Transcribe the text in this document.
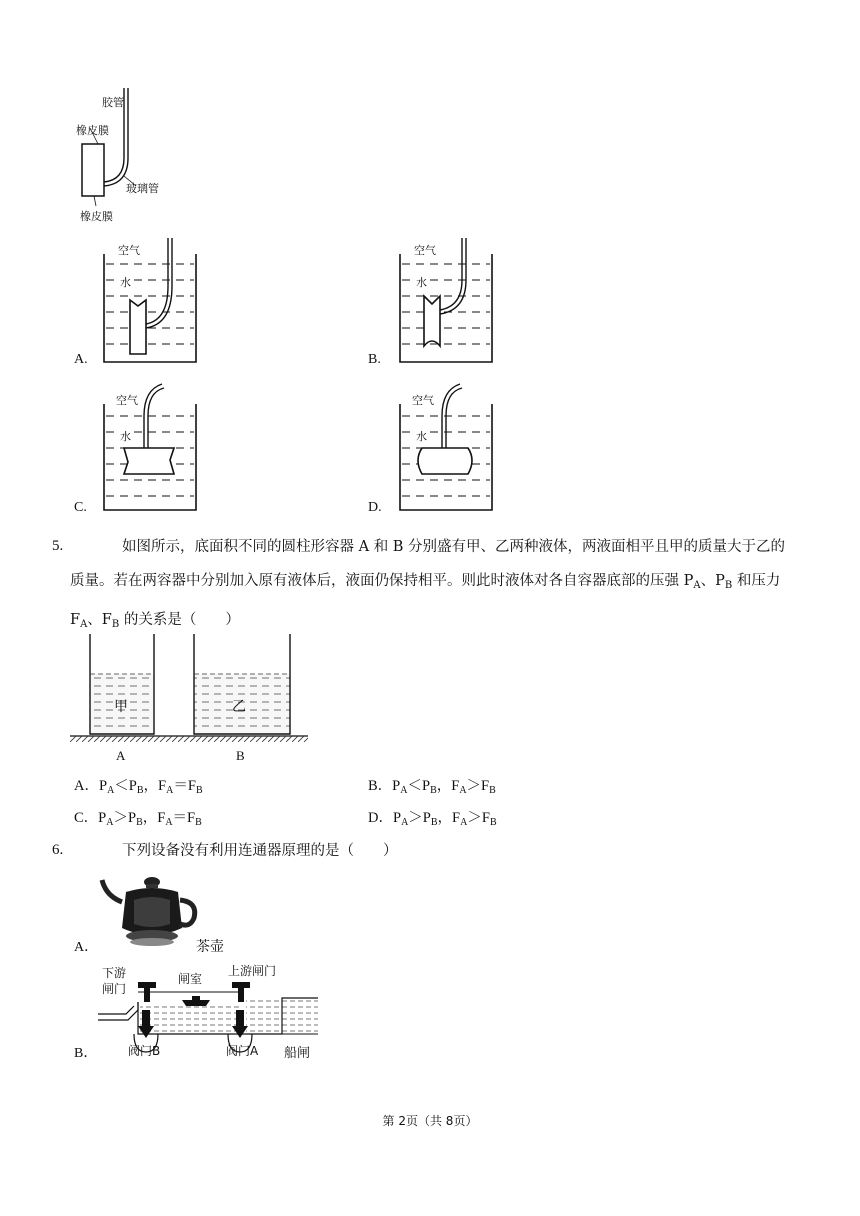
胶管
橡皮膜
玻璃管
橡皮膜
A.
空气
水
B.
空气
水
C.
空气
水
D.
空气
水
5.	如图所示，底面积不同的圆柱形容器 A 和 B 分别盛有甲、乙两种液体，两液面相平且甲的质量大于乙的
质量。若在两容器中分别加入原有液体后，液面仍保持相平。则此时液体对各自容器底部的压强 $P_A$、$P_B$ 和压力
$F_A$、$F_B$ 的关系是（　　）
甲	乙
A	B
A．$P_A<P_B$，$F_A=F_B$	B．$P_A<P_B$，$F_A>F_B$
C．$P_A>P_B$，$F_A=F_B$	D．$P_A>P_B$，$F_A>F_B$
6.	下列设备没有利用连通器原理的是（　　）
A．	茶壶
B．
下游
闸门
闸室
上游闸门
阀门B	阀门A 船闸
第 2页（共 8页）
